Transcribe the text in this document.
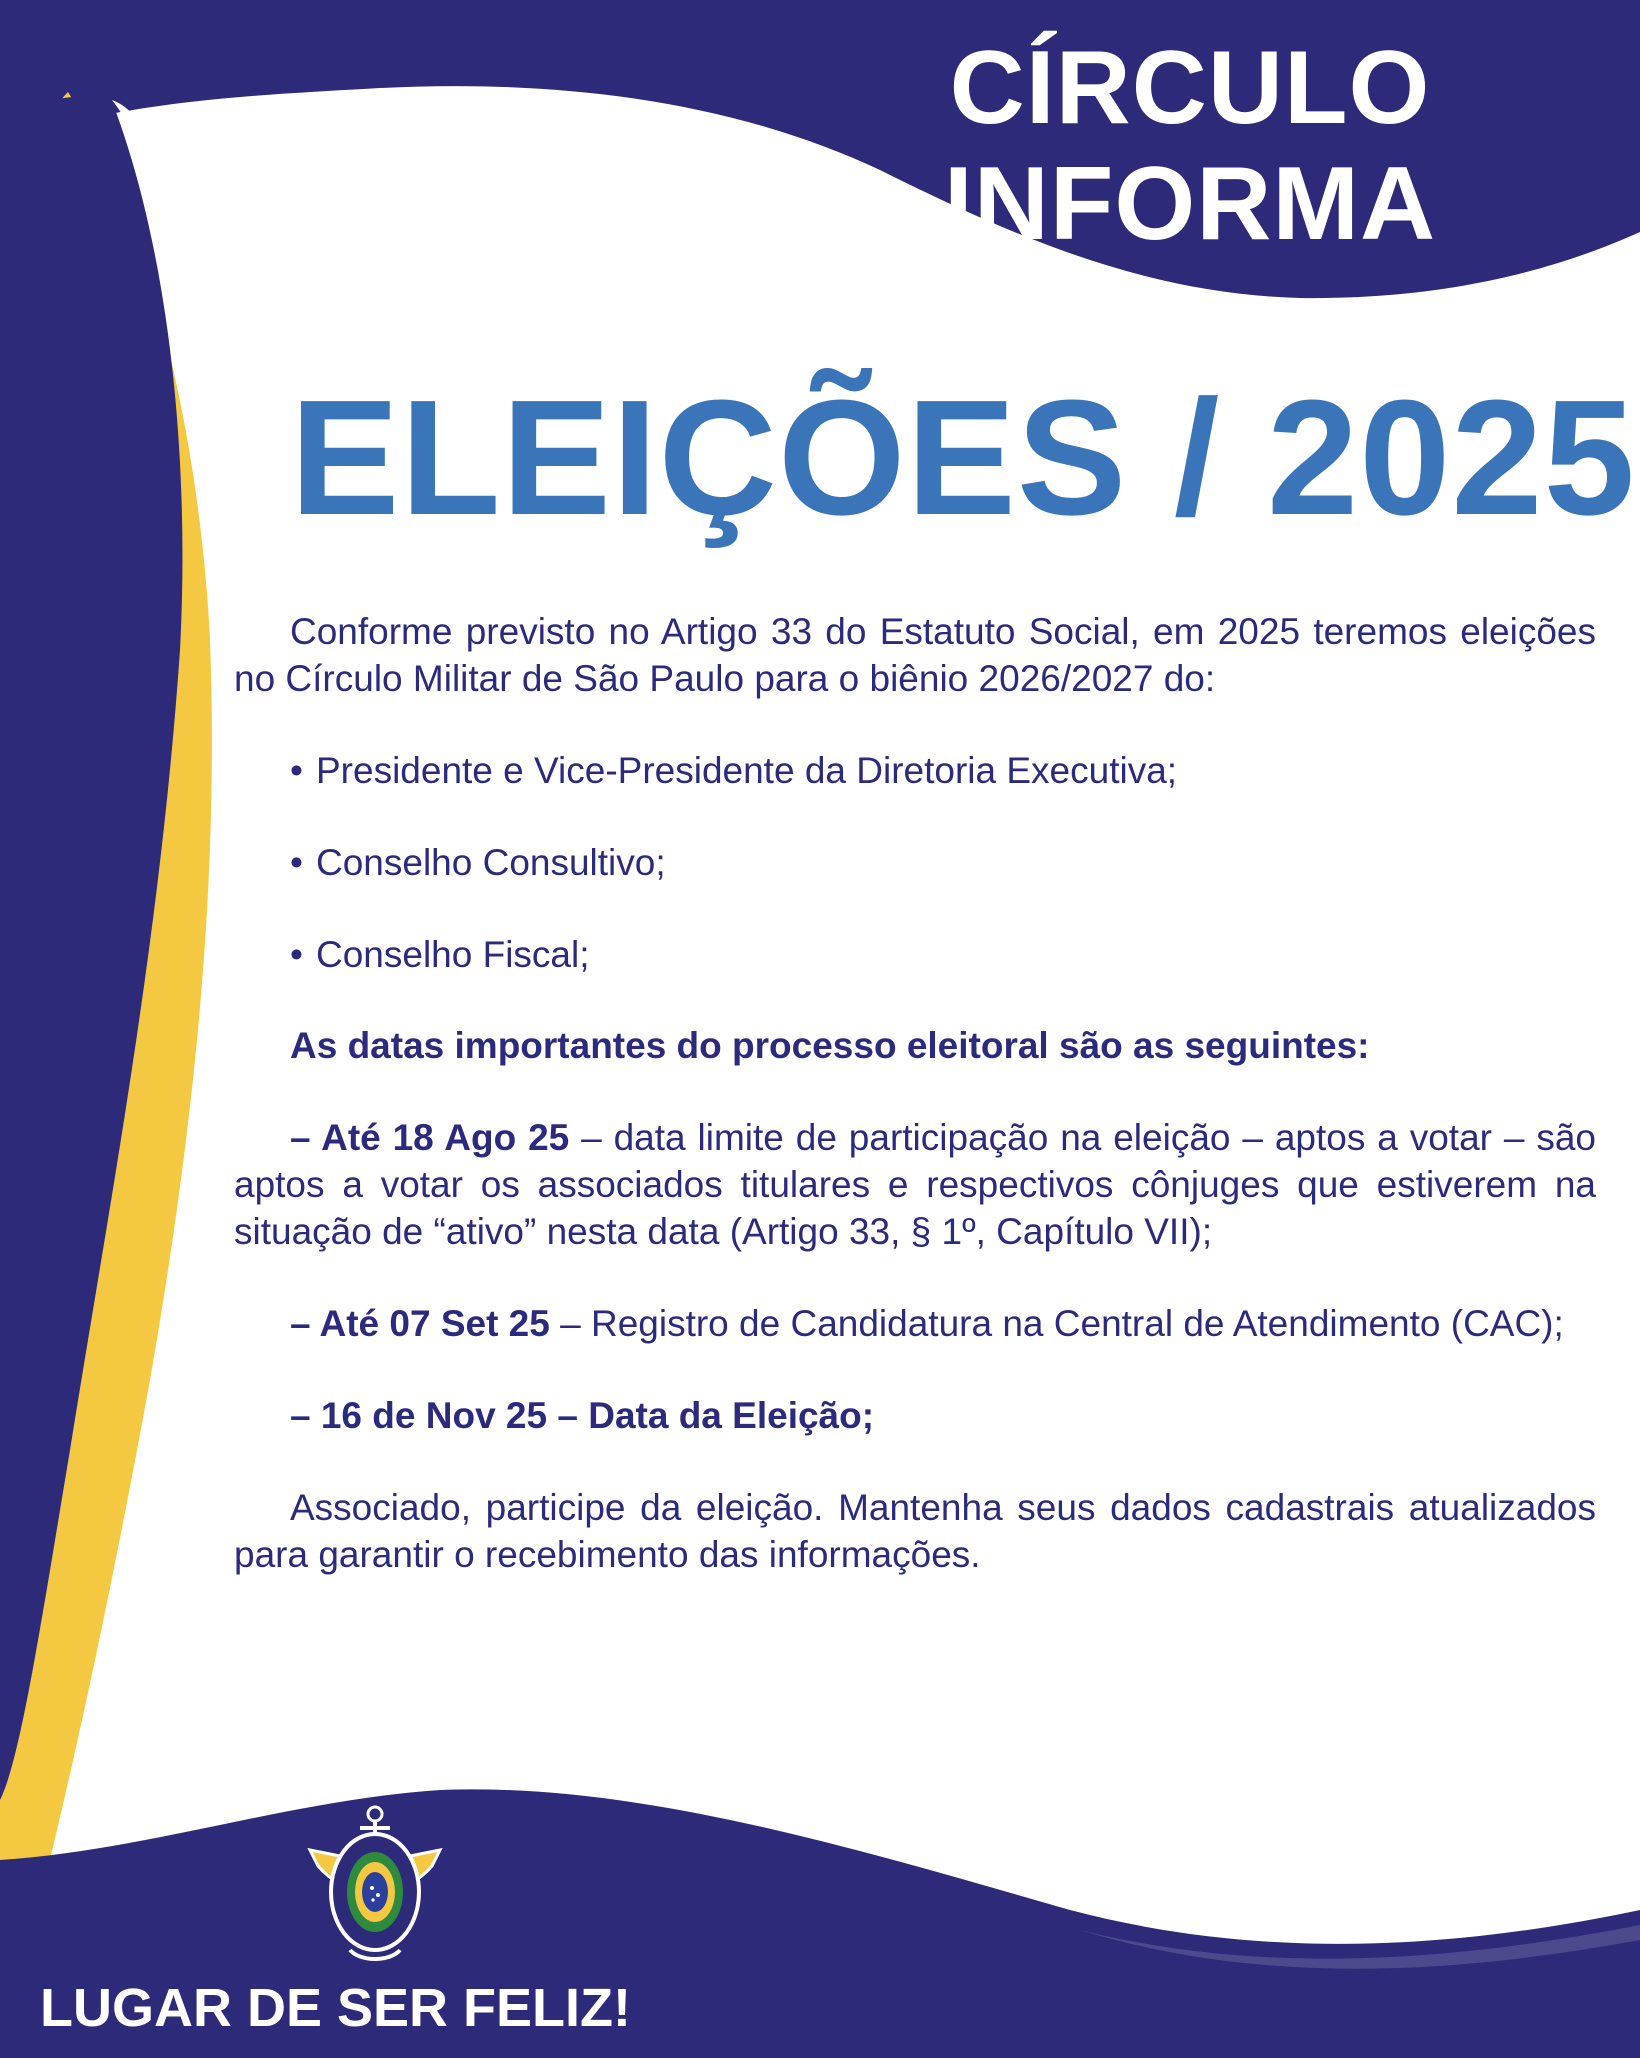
CÍRCULO
INFORMA
ELEIÇÕES / 2025

Conforme previsto no Artigo 33 do Estatuto Social, em 2025 teremos eleições no Círculo Militar de São Paulo para o biênio 2026/2027 do:

• Presidente e Vice-Presidente da Diretoria Executiva;

• Conselho Consultivo;

• Conselho Fiscal;

As datas importantes do processo eleitoral são as seguintes:

– Até 18 Ago 25 – data limite de participação na eleição – aptos a votar – são aptos a votar os associados titulares e respectivos cônjuges que estiverem na situação de “ativo” nesta data (Artigo 33, § 1º, Capítulo VII);

– Até 07 Set 25 – Registro de Candidatura na Central de Atendimento (CAC);

– 16 de Nov 25 – Data da Eleição;

Associado, participe da eleição. Mantenha seus dados cadastrais atualizados para garantir o recebimento das informações.

LUGAR DE SER FELIZ!
